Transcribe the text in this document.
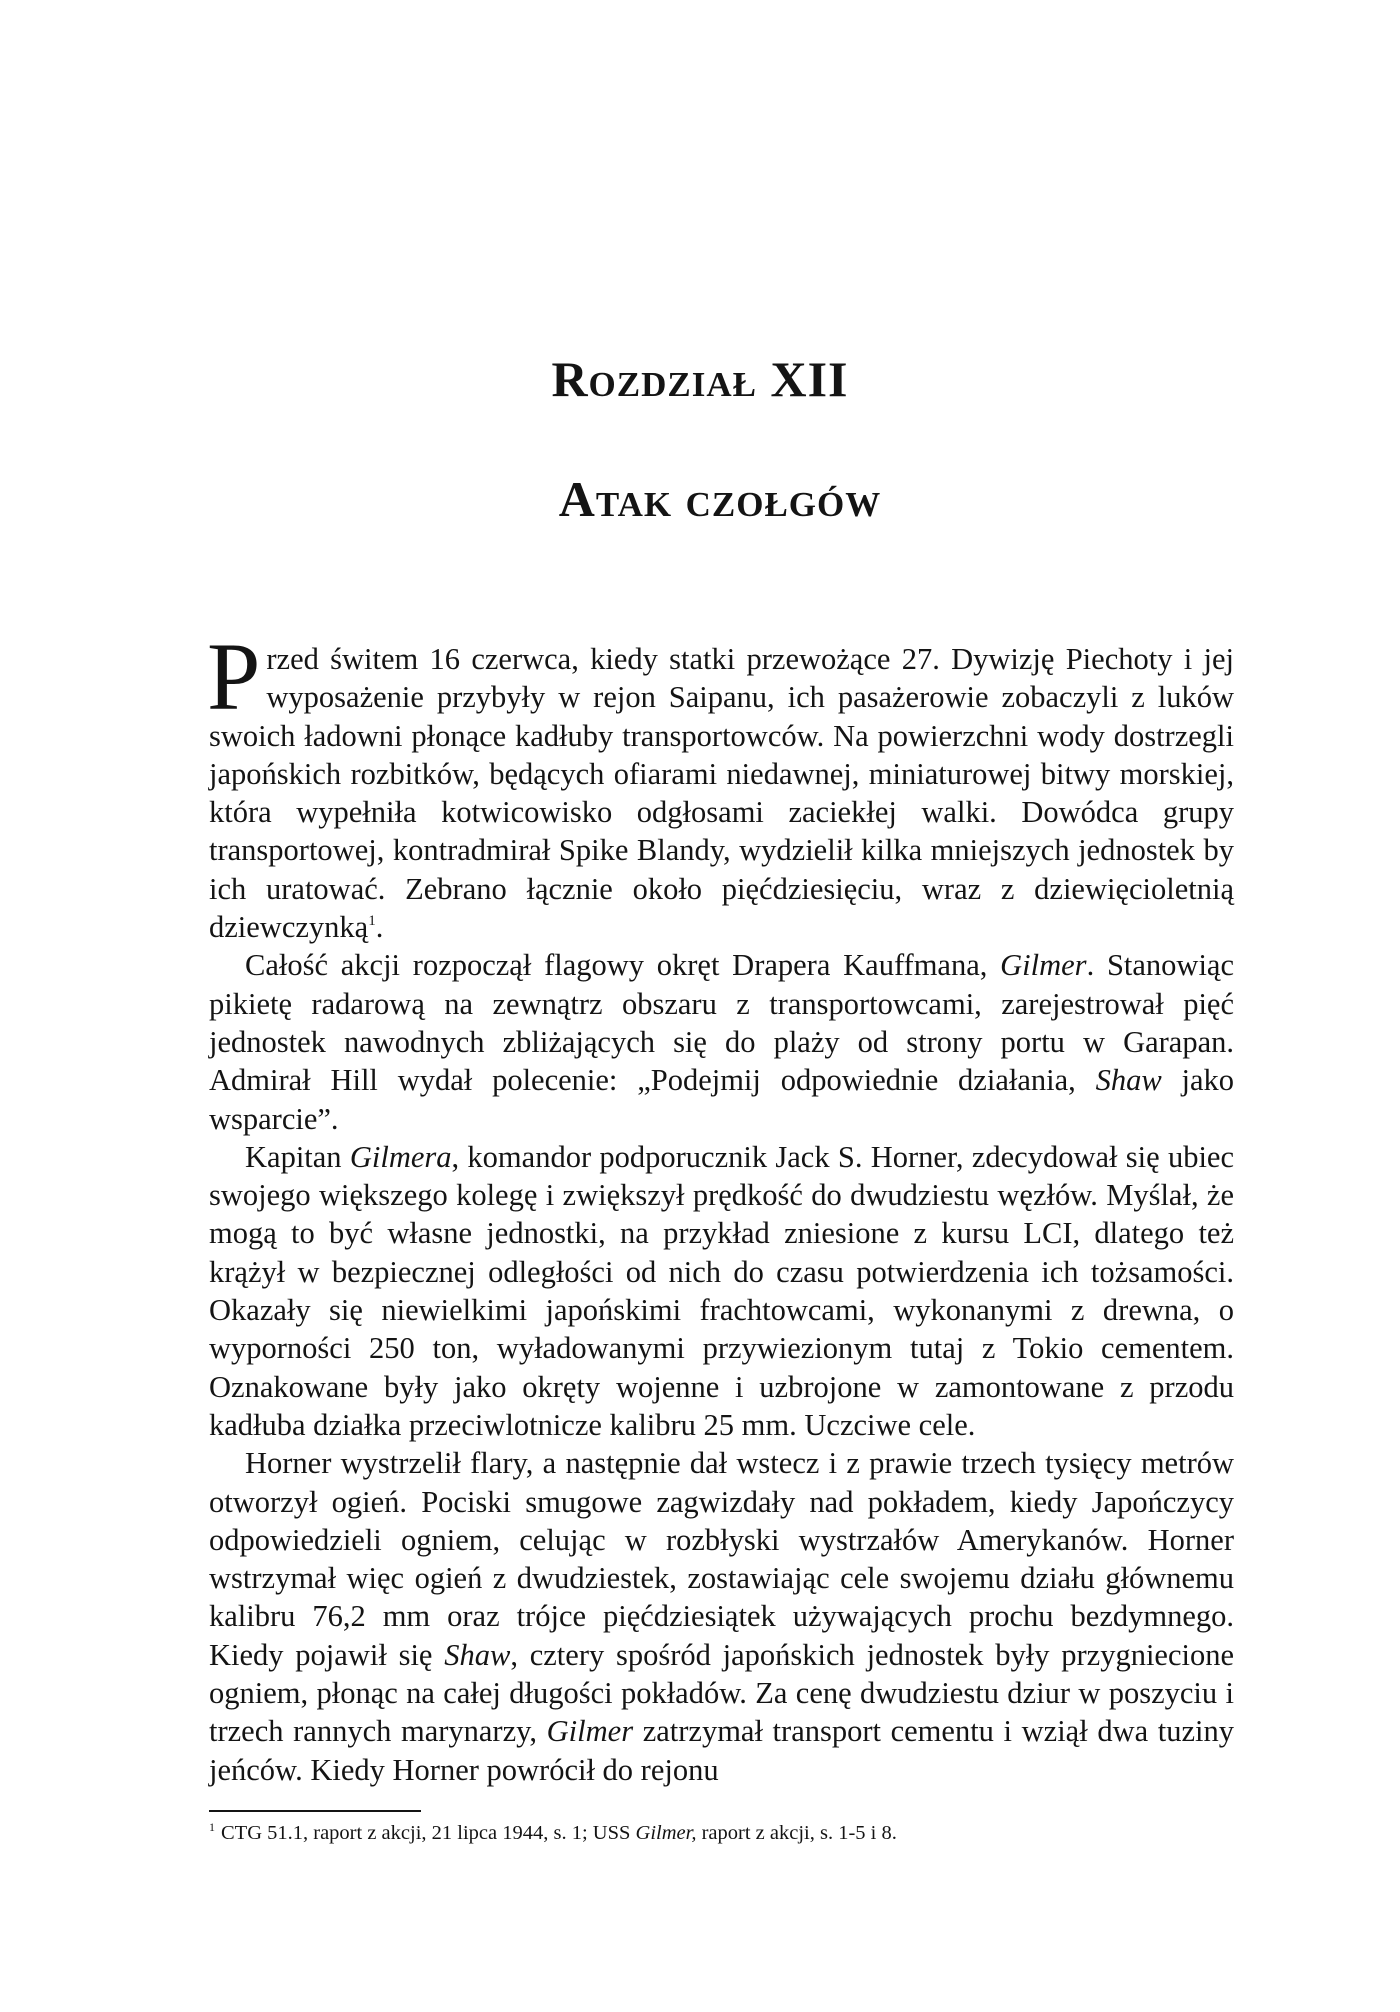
Rozdział XII
Atak czołgów

Przed świtem 16 czerwca, kiedy statki przewożące 27. Dywizję Piechoty i jej wyposażenie przybyły w rejon Saipanu, ich pasażerowie zobaczyli z luków swoich ładowni płonące kadłuby transportowców. Na powierzchni wody dostrzegli japońskich rozbitków, będących ofiarami niedawnej, miniaturowej bitwy morskiej, która wypełniła kotwicowisko odgłosami zaciekłej walki. Dowódca grupy transportowej, kontradmirał Spike Blandy, wydzielił kilka mniejszych jednostek by ich uratować. Zebrano łącznie około pięćdziesięciu, wraz z dziewięcioletnią dziewczynką$^1$.

Całość akcji rozpoczął flagowy okręt Drapera Kauffmana, Gilmer. Stanowiąc pikietę radarową na zewnątrz obszaru z transportowcami, zarejestrował pięć jednostek nawodnych zbliżających się do plaży od strony portu w Garapan. Admirał Hill wydał polecenie: „Podejmij odpowiednie działania, Shaw jako wsparcie”.

Kapitan Gilmera, komandor podporucznik Jack S. Horner, zdecydował się ubiec swojego większego kolegę i zwiększył prędkość do dwudziestu węzłów. Myślał, że mogą to być własne jednostki, na przykład zniesione z kursu LCI, dlatego też krążył w bezpiecznej odległości od nich do czasu potwierdzenia ich tożsamości. Okazały się niewielkimi japońskimi frachtowcami, wykonanymi z drewna, o wyporności 250 ton, wyładowanymi przywiezionym tutaj z Tokio cementem. Oznakowane były jako okręty wojenne i uzbrojone w zamontowane z przodu kadłuba działka przeciwlotnicze kalibru 25 mm. Uczciwe cele.

Horner wystrzelił flary, a następnie dał wstecz i z prawie trzech tysięcy metrów otworzył ogień. Pociski smugowe zagwizdały nad pokładem, kiedy Japończycy odpowiedzieli ogniem, celując w rozbłyski wystrzałów Amerykanów. Horner wstrzymał więc ogień z dwudziestek, zostawiając cele swojemu działu głównemu kalibru 76,2 mm oraz trójce pięćdziesiątek używających prochu bezdymnego. Kiedy pojawił się Shaw, cztery spośród japońskich jednostek były przygniecione ogniem, płonąc na całej długości pokładów. Za cenę dwudziestu dziur w poszyciu i trzech rannych marynarzy, Gilmer zatrzymał transport cementu i wziął dwa tuziny jeńców. Kiedy Horner powrócił do rejonu

$^1$ CTG 51.1, raport z akcji, 21 lipca 1944, s. 1; USS Gilmer, raport z akcji, s. 1-5 i 8.
